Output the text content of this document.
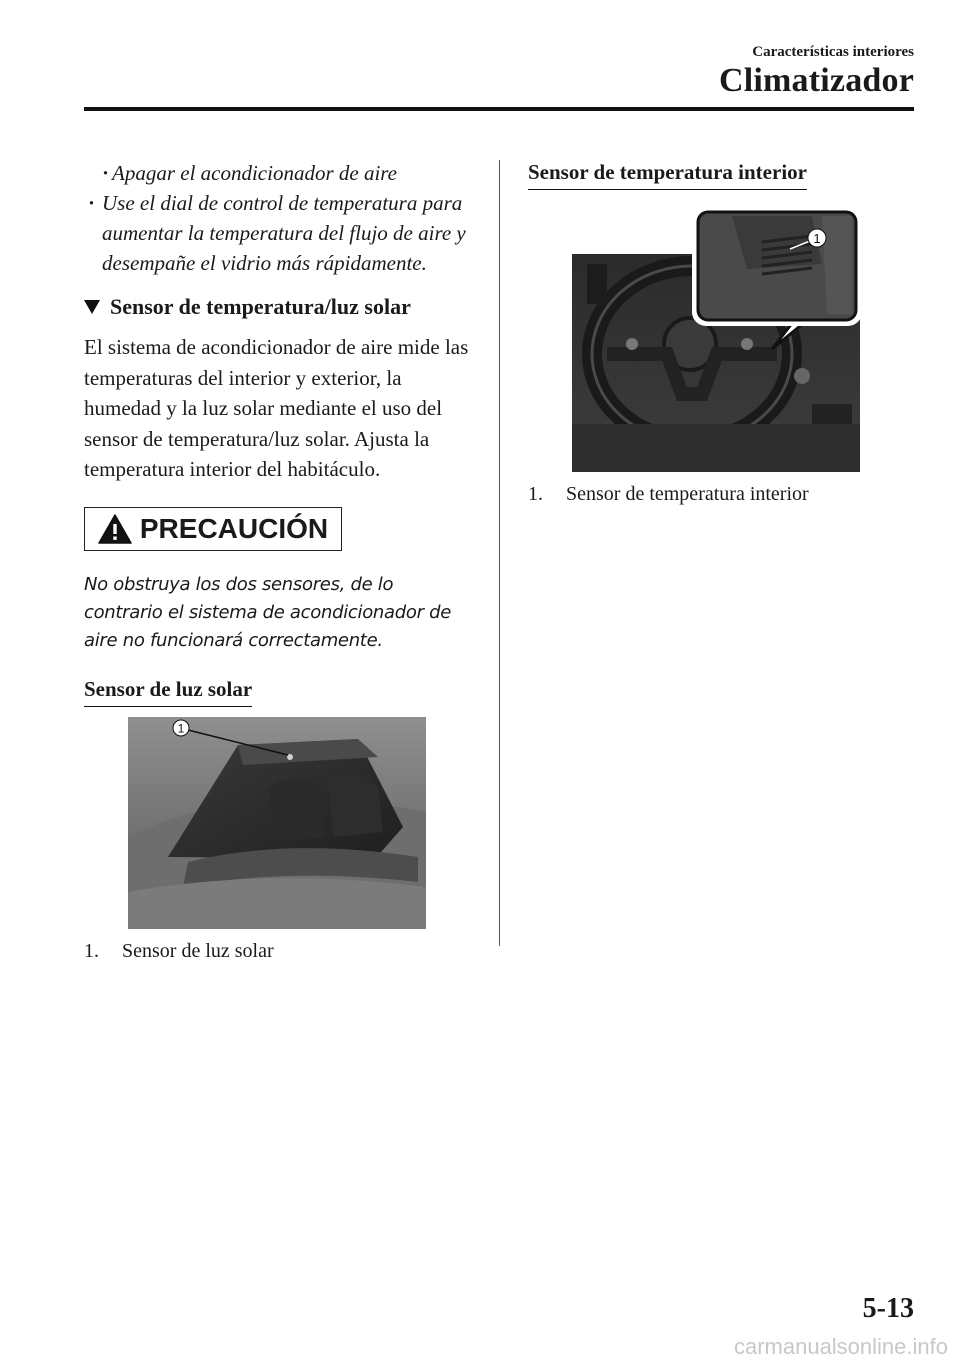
Características interiores
Climatizador
· Apagar el acondicionador de aire
· Use el dial de control de temperatura para aumentar la temperatura del flujo de aire y desempañe el vidrio más rápidamente.
Sensor de temperatura/luz solar
El sistema de acondicionador de aire mide las temperaturas del interior y exterior, la humedad y la luz solar mediante el uso del sensor de temperatura/luz solar. Ajusta la temperatura interior del habitáculo.
PRECAUCIÓN
No obstruya los dos sensores, de lo contrario el sistema de acondicionador de aire no funcionará correctamente.
Sensor de luz solar
1
1. Sensor de luz solar
Sensor de temperatura interior
1
1. Sensor de temperatura interior
5-13
carmanualsonline.info
